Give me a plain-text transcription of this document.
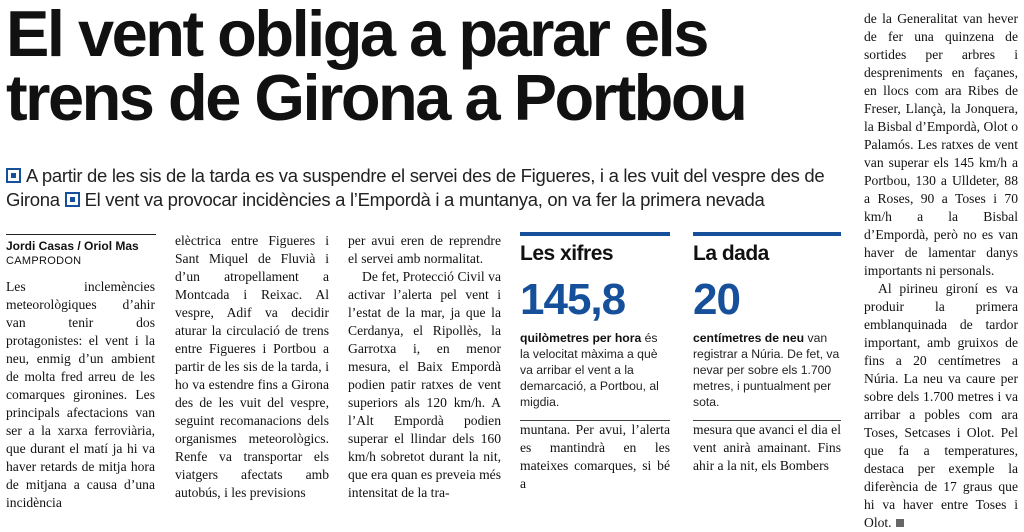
El vent obliga a parar els
trens de Girona a Portbou
A partir de les sis de la tarda es va suspendre el servei des de Figueres, i a les vuit del vespre des de Girona El vent va provocar incidències a l’Empordà i a muntanya, on va fer la primera nevada
Jordi Casas / Oriol Mas
CAMPRODON

Les inclemències meteorològiques d’ahir van tenir dos protagonistes: el vent i la neu, enmig d’un ambient de molta fred arreu de les comarques gironines. Les principals afectacions van ser a la xarxa ferroviària, que durant el matí ja hi va haver retards de mitja hora de mitjana a causa d’una incidència

elèctrica entre Figueres i Sant Miquel de Fluvià i d’un atropellament a Montcada i Reixac. Al vespre, Adif va decidir aturar la circulació de trens entre Figueres i Portbou a partir de les sis de la tarda, i ho va estendre fins a Girona des de les vuit del vespre, seguint recomanacions dels organismes meteorològics. Renfe va transportar els viatgers afectats amb autobús, i les previsions

per avui eren de reprendre el servei amb normalitat.

De fet, Protecció Civil va activar l’alerta pel vent i l’estat de la mar, ja que la Cerdanya, el Ripollès, la Garrotxa i, en menor mesura, el Baix Empordà podien patir ratxes de vent superiors als 120 km/h. A l’Alt Empordà podien superar el llindar dels 160 km/h sobretot durant la nit, que era quan es preveia més intensitat de la tra-

Les xifres
145,8
quilòmetres per hora és la velocitat màxima a què va arribar el vent a la demarcació, a Portbou, al migdia.
La dada
20
centímetres de neu van registrar a Núria. De fet, va nevar per sobre els 1.700 metres, i puntualment per sota.

muntana. Per avui, l’alerta es mantindrà en les mateixes comarques, si bé a

mesura que avanci el dia el vent anirà amainant. Fins ahir a la nit, els Bombers

de la Generalitat van hever de fer una quinzena de sortides per arbres i despreniments en façanes, en llocs com ara Ribes de Freser, Llançà, la Jonquera, la Bisbal d’Empordà, Olot o Palamós. Les ratxes de vent van superar els 145 km/h a Portbou, 130 a Ulldeter, 88 a Roses, 90 a Toses i 70 km/h a la Bisbal d’Empordà, però no es van haver de lamentar danys importants ni personals.

Al pirineu gironí es va produir la primera emblanquinada de tardor important, amb gruixos de fins a 20 centímetres a Núria. La neu va caure per sobre dels 1.700 metres i va arribar a pobles com ara Toses, Setcases i Olot. Pel que fa a temperatures, destaca per exemple la diferència de 17 graus que hi va haver entre Toses i Olot.
